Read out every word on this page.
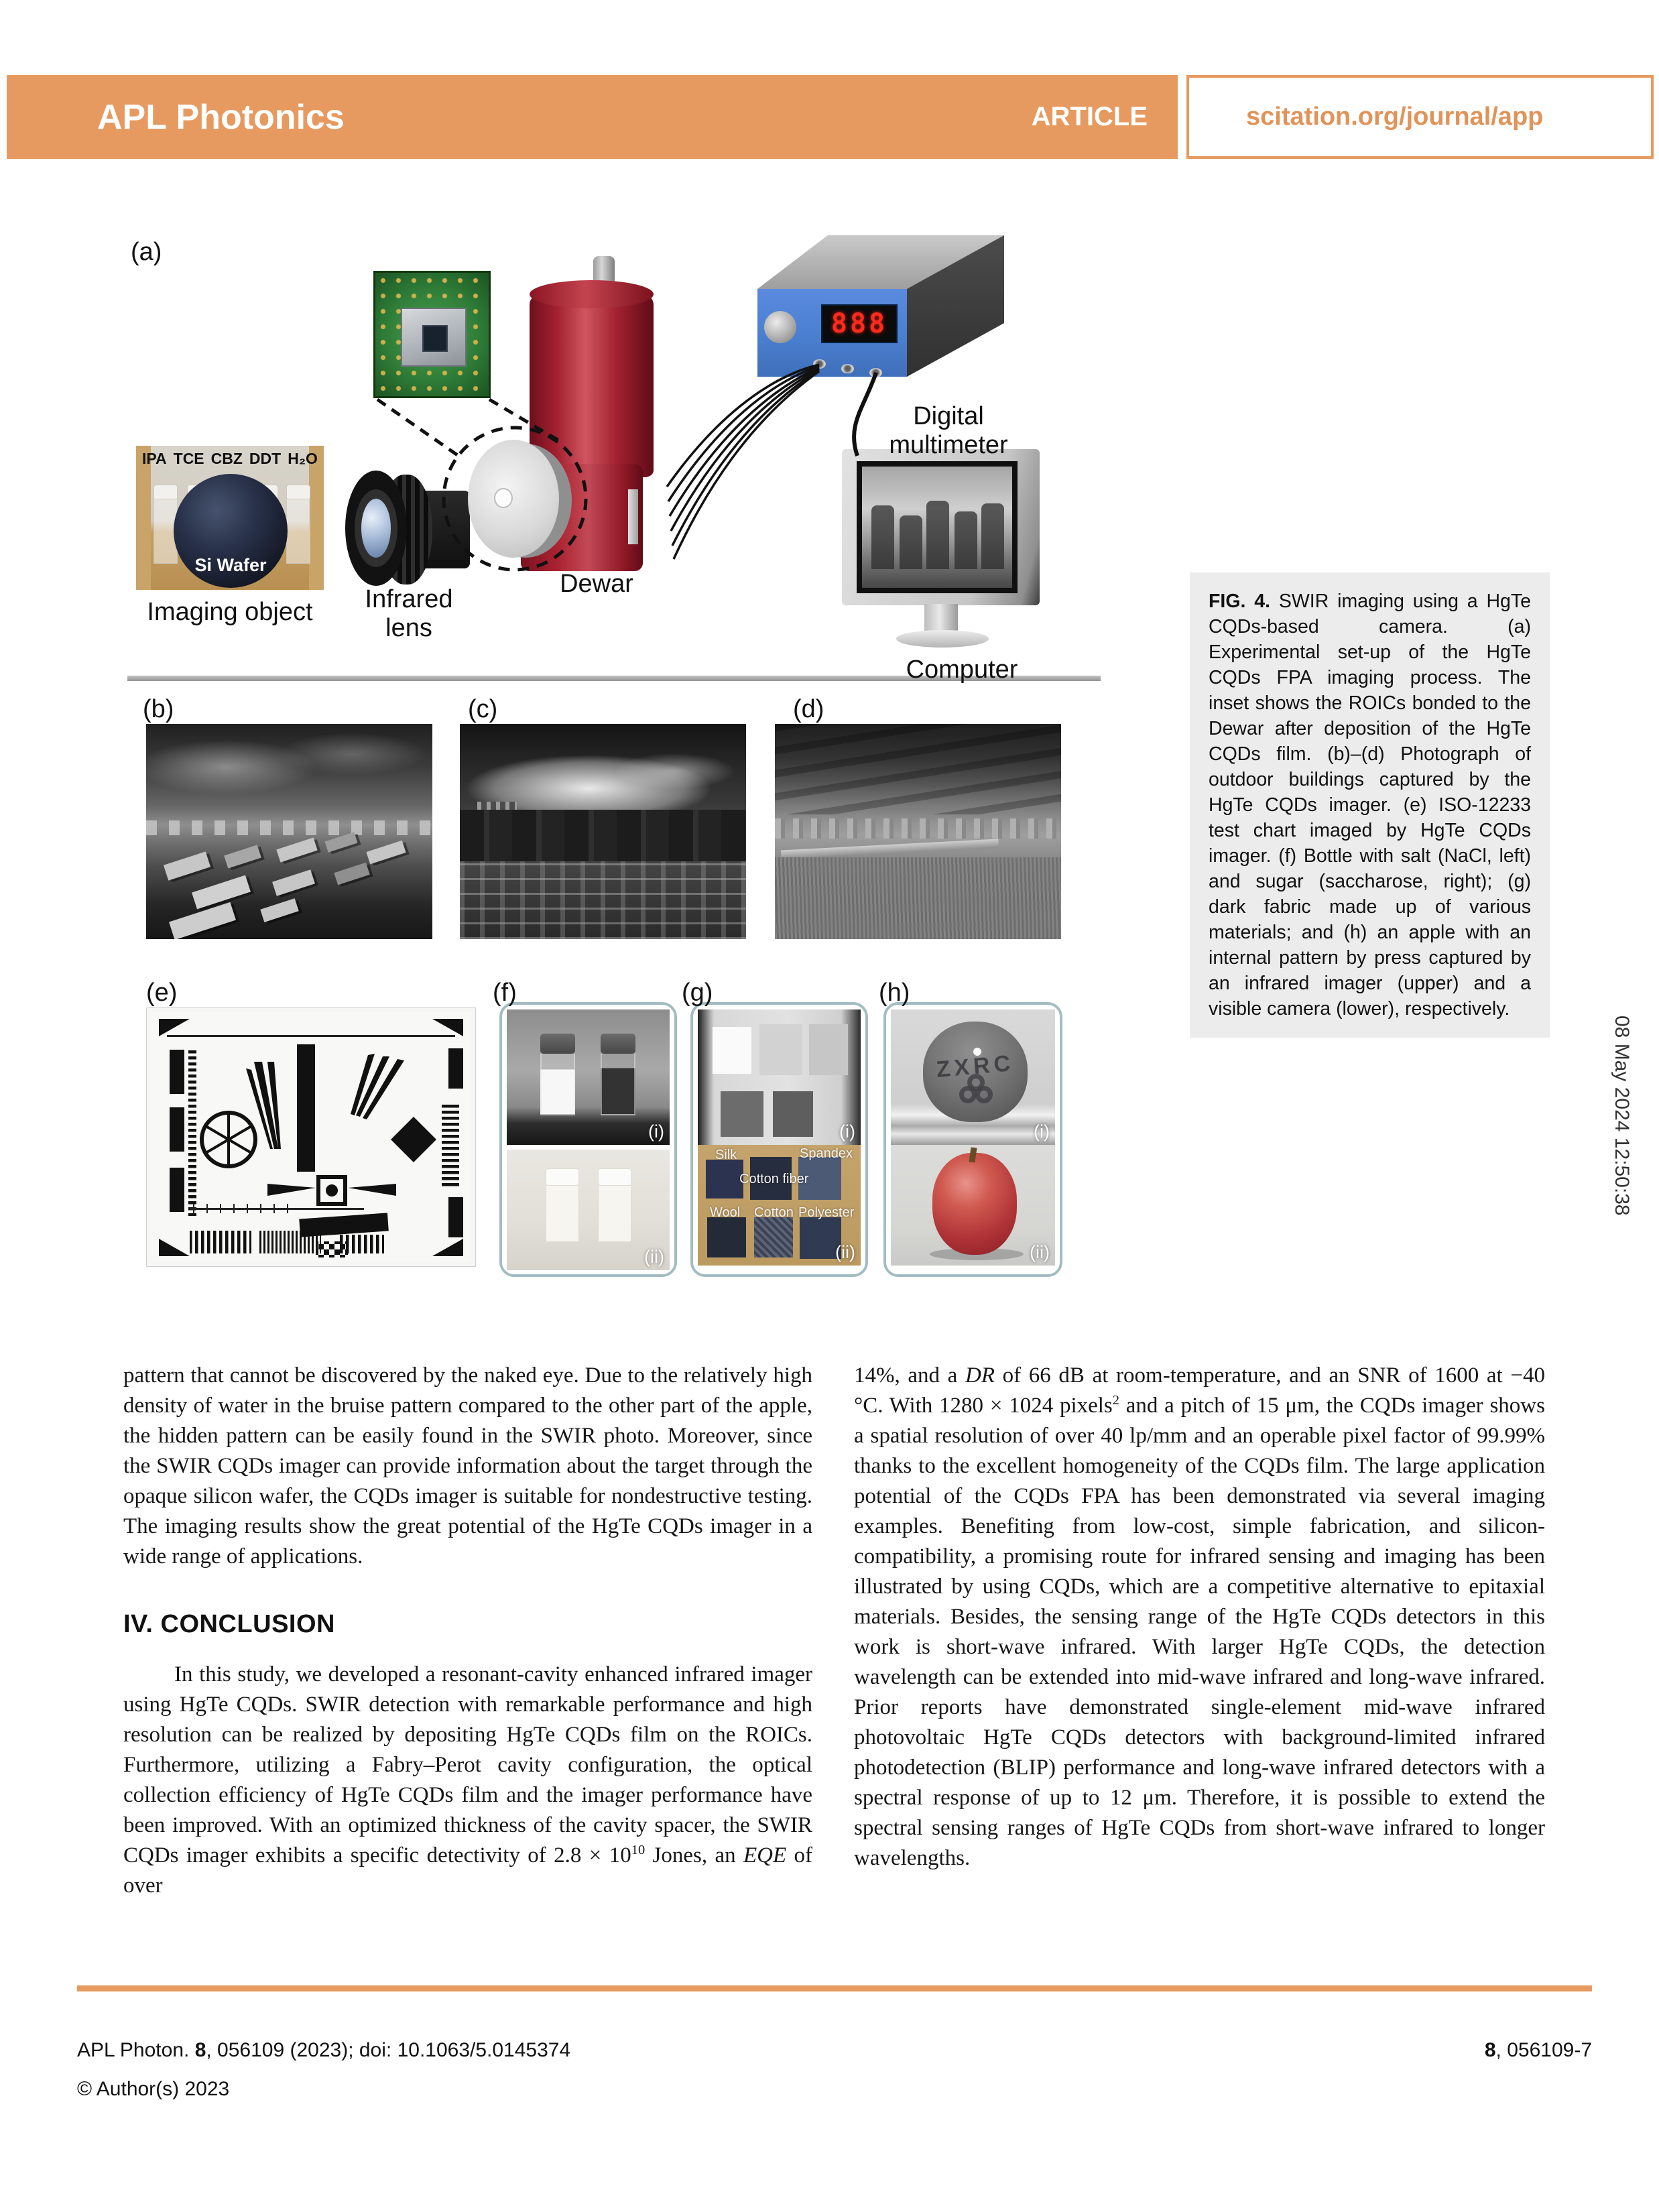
APL Photonics	ARTICLE	scitation.org/journal/app
(a)
Si Wafer
IPA TCE CBZ DDT H₂O
Imaging object	Infrared lens
Dewar
888
Digital multimeter
Computer
(b)	(c)	(d)
(e)	(f)	(g)	(h)
(i)
(ii)
(i)
Silk	Spandex
Cotton fiber
Wool Cotton Polyester
(ii)
ZXRC
(i)
(ii)
FIG. 4. SWIR imaging using a HgTe CQDs-based camera. (a) Experimental set-up of the HgTe CQDs FPA imaging process. The inset shows the ROICs bonded to the Dewar after deposition of the HgTe CQDs film. (b)–(d) Photograph of outdoor buildings captured by the HgTe CQDs imager. (e) ISO-12233 test chart imaged by HgTe CQDs imager. (f) Bottle with salt (NaCl, left) and sugar (saccharose, right); (g) dark fabric made up of various materials; and (h) an apple with an internal pattern by press captured by an infrared imager (upper) and a visible camera (lower), respectively.
08 May 2024 12:50:38

pattern that cannot be discovered by the naked eye. Due to the relatively high density of water in the bruise pattern compared to the other part of the apple, the hidden pattern can be easily found in the SWIR photo. Moreover, since the SWIR CQDs imager can provide information about the target through the opaque silicon wafer, the CQDs imager is suitable for nondestructive testing. The imaging results show the great potential of the HgTe CQDs imager in a wide range of applications.

IV. CONCLUSION

In this study, we developed a resonant-cavity enhanced infrared imager using HgTe CQDs. SWIR detection with remarkable performance and high resolution can be realized by depositing HgTe CQDs film on the ROICs. Furthermore, utilizing a Fabry–Perot cavity configuration, the optical collection efficiency of HgTe CQDs film and the imager performance have been improved. With an optimized thickness of the cavity spacer, the SWIR CQDs imager exhibits a specific detectivity of $2.8 \times 10^{10}$ Jones, an EQE of over

14%, and a DR of 66 dB at room-temperature, and an SNR of 1600 at −40 °C. With 1280 × 1024 pixels$^2$ and a pitch of 15 μm, the CQDs imager shows a spatial resolution of over 40 lp/mm and an operable pixel factor of 99.99% thanks to the excellent homogeneity of the CQDs film. The large application potential of the CQDs FPA has been demonstrated via several imaging examples. Benefiting from low-cost, simple fabrication, and silicon-compatibility, a promising route for infrared sensing and imaging has been illustrated by using CQDs, which are a competitive alternative to epitaxial materials. Besides, the sensing range of the HgTe CQDs detectors in this work is short-wave infrared. With larger HgTe CQDs, the detection wavelength can be extended into mid-wave infrared and long-wave infrared. Prior reports have demonstrated single-element mid-wave infrared photovoltaic HgTe CQDs detectors with background-limited infrared photodetection (BLIP) performance and long-wave infrared detectors with a spectral response of up to 12 μm. Therefore, it is possible to extend the spectral sensing ranges of HgTe CQDs from short-wave infrared to longer wavelengths.

APL Photon. 8, 056109 (2023); doi: 10.1063/5.0145374
© Author(s) 2023
8, 056109-7
